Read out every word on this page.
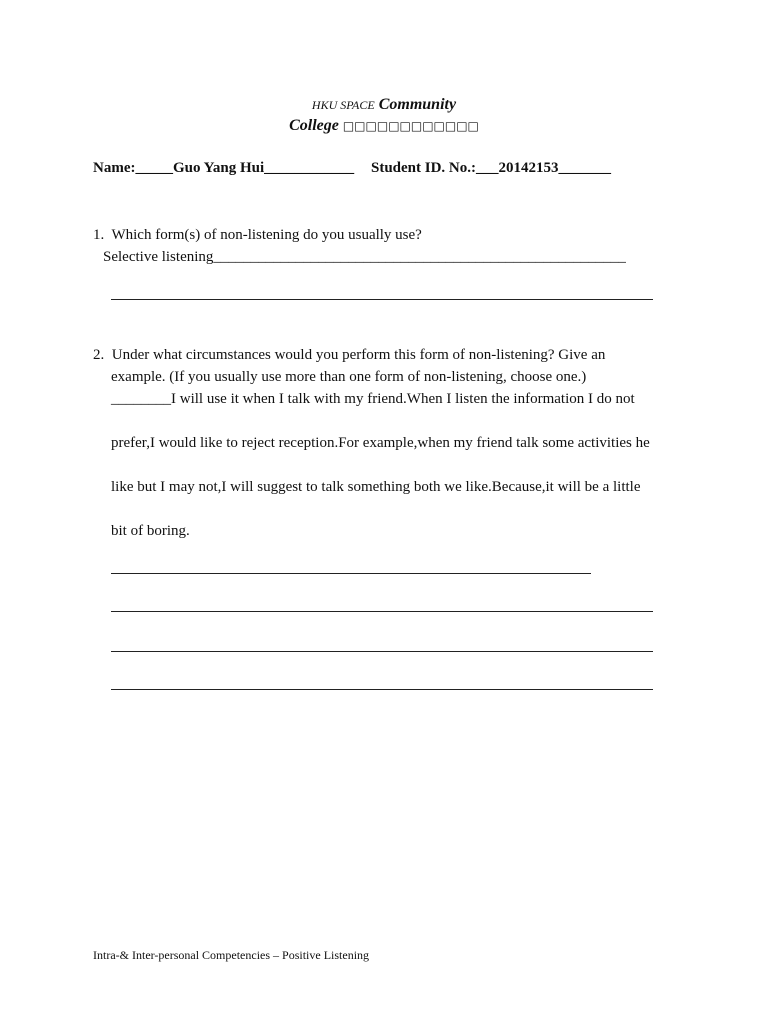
HKU SPACE Community
College □□□□□□□□□□□□
Name:_____Guo Yang Hui____________ Student ID. No.:___20142153_______
1.  Which form(s) of non-listening do you usually use?
Selective listening_______________________________________________________
2.  Under what circumstances would you perform this form of non-listening? Give an
example. (If you usually use more than one form of non-listening, choose one.)
________I will use it when I talk with my friend.When I listen the information I do not
prefer,I would like to reject reception.For example,when my friend talk some activities he
like but I may not,I will suggest to talk something both we like.Because,it will be a little
bit of boring.
Intra-& Inter-personal Competencies – Positive Listening
